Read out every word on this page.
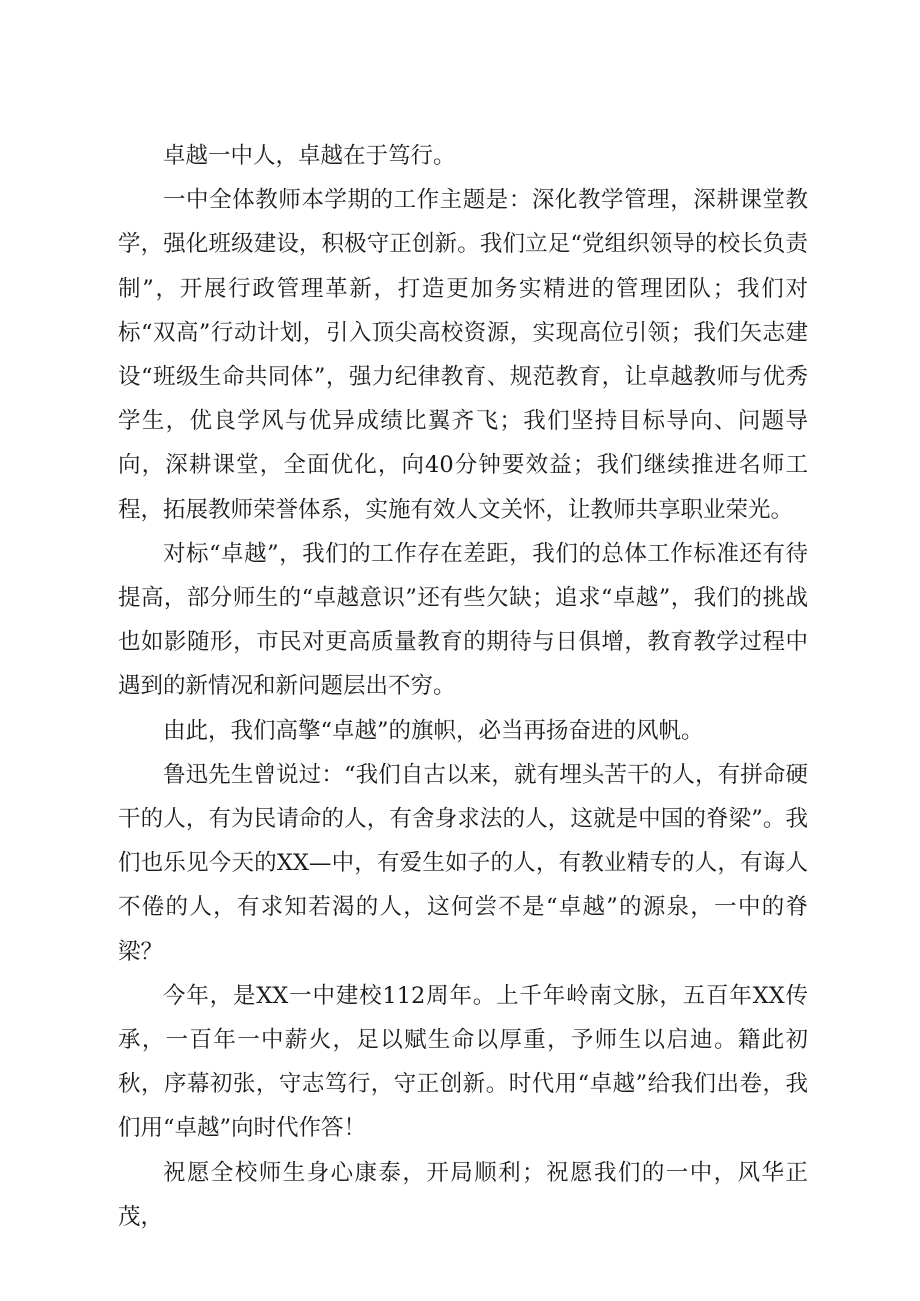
卓越一中人，卓越在于笃行。

一中全体教师本学期的工作主题是：深化教学管理，深耕课堂教学，强化班级建设，积极守正创新。我们立足“党组织领导的校长负责制”，开展行政管理革新，打造更加务实精进的管理团队；我们对标“双高”行动计划，引入顶尖高校资源，实现高位引领；我们矢志建设“班级生命共同体”，强力纪律教育、规范教育，让卓越教师与优秀学生，优良学风与优异成绩比翼齐飞；我们坚持目标导向、问题导向，深耕课堂，全面优化，向40分钟要效益；我们继续推进名师工程，拓展教师荣誉体系，实施有效人文关怀，让教师共享职业荣光。

对标“卓越”，我们的工作存在差距，我们的总体工作标准还有待提高，部分师生的“卓越意识”还有些欠缺；追求“卓越”，我们的挑战也如影随形，市民对更高质量教育的期待与日俱增，教育教学过程中遇到的新情况和新问题层出不穷。

由此，我们高擎“卓越”的旗帜，必当再扬奋进的风帆。

鲁迅先生曾说过：“我们自古以来，就有埋头苦干的人，有拼命硬干的人，有为民请命的人，有舍身求法的人，这就是中国的脊梁”。我们也乐见今天的XX—中，有爱生如子的人，有教业精专的人，有诲人不倦的人，有求知若渴的人，这何尝不是“卓越”的源泉，一中的脊梁？

今年，是XX一中建校112周年。上千年岭南文脉，五百年XX传承，一百年一中薪火，足以赋生命以厚重，予师生以启迪。籍此初秋，序幕初张，守志笃行，守正创新。时代用“卓越”给我们出卷，我们用“卓越”向时代作答！

祝愿全校师生身心康泰，开局顺利；祝愿我们的一中，风华正茂，
